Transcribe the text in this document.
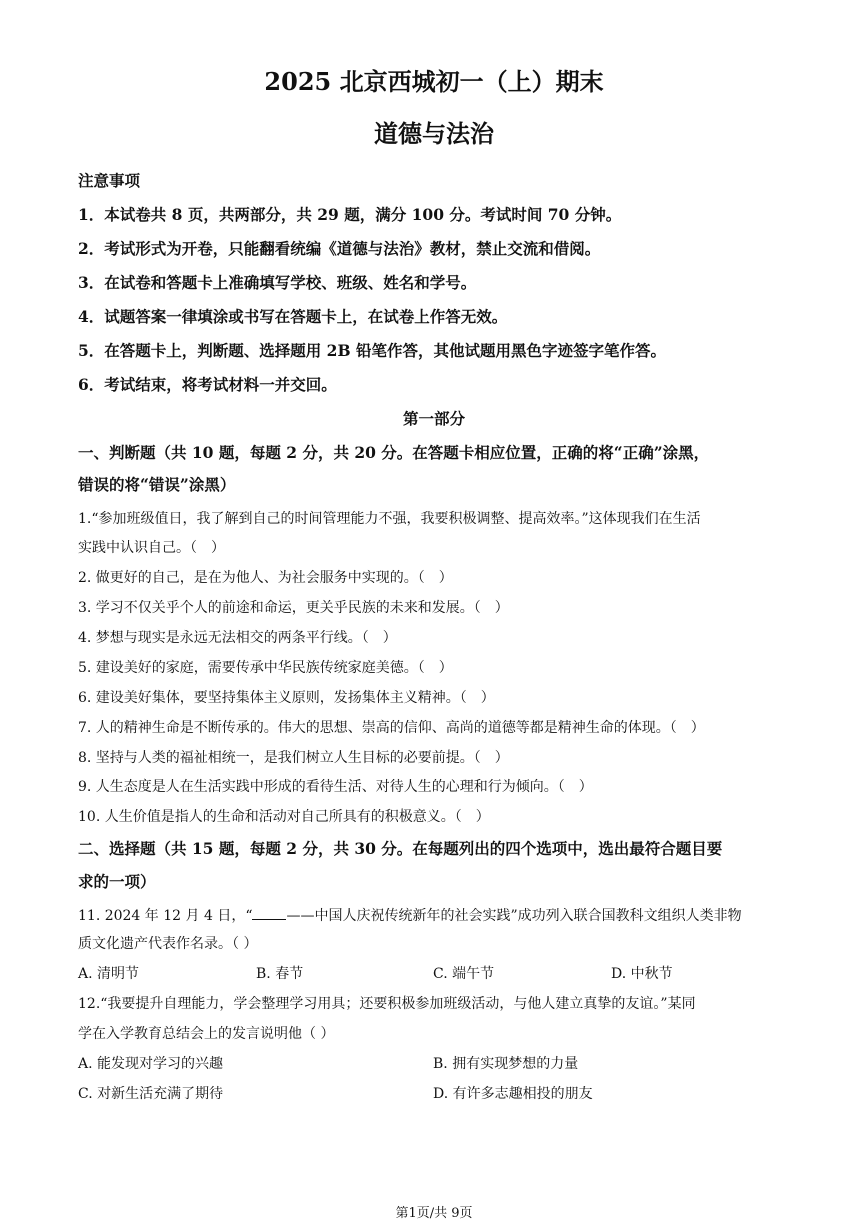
2025 北京西城初一（上）期末
道德与法治
注意事项
1．本试卷共 8 页，共两部分，共 29 题，满分 100 分。考试时间 70 分钟。
2．考试形式为开卷，只能翻看统编《道德与法治》教材，禁止交流和借阅。
3．在试卷和答题卡上准确填写学校、班级、姓名和学号。
4．试题答案一律填涂或书写在答题卡上，在试卷上作答无效。
5．在答题卡上，判断题、选择题用 2B 铅笔作答，其他试题用黑色字迹签字笔作答。
6．考试结束，将考试材料一并交回。
第一部分
一、判断题（共 10 题，每题 2 分，共 20 分。在答题卡相应位置，正确的将“正确”涂黑，
错误的将“错误”涂黑）
1.“参加班级值日，我了解到自己的时间管理能力不强，我要积极调整、提高效率。”这体现我们在生活
实践中认识自己。（　）
2. 做更好的自己，是在为他人、为社会服务中实现的。（　）
3. 学习不仅关乎个人的前途和命运，更关乎民族的未来和发展。（　）
4. 梦想与现实是永远无法相交的两条平行线。（　）
5. 建设美好的家庭，需要传承中华民族传统家庭美德。（　）
6. 建设美好集体，要坚持集体主义原则，发扬集体主义精神。（　）
7. 人的精神生命是不断传承的。伟大的思想、崇高的信仰、高尚的道德等都是精神生命的体现。（　）
8. 坚持与人类的福祉相统一，是我们树立人生目标的必要前提。（　）
9. 人生态度是人在生活实践中形成的看待生活、对待人生的心理和行为倾向。（　）
10. 人生价值是指人的生命和活动对自己所具有的积极意义。（　）
二、选择题（共 15 题，每题 2 分，共 30 分。在每题列出的四个选项中，选出最符合题目要
求的一项）
11. 2024 年 12 月 4 日，“ ——中国人庆祝传统新年的社会实践”成功列入联合国教科文组织人类非物
质文化遗产代表作名录。（ ）
A. 清明节	B. 春节	C. 端午节	D. 中秋节
12.“我要提升自理能力，学会整理学习用具；还要积极参加班级活动，与他人建立真挚的友谊。”某同
学在入学教育总结会上的发言说明他（ ）
A. 能发现对学习的兴趣	B. 拥有实现梦想的力量
C. 对新生活充满了期待	D. 有许多志趣相投的朋友
第1页/共 9页
